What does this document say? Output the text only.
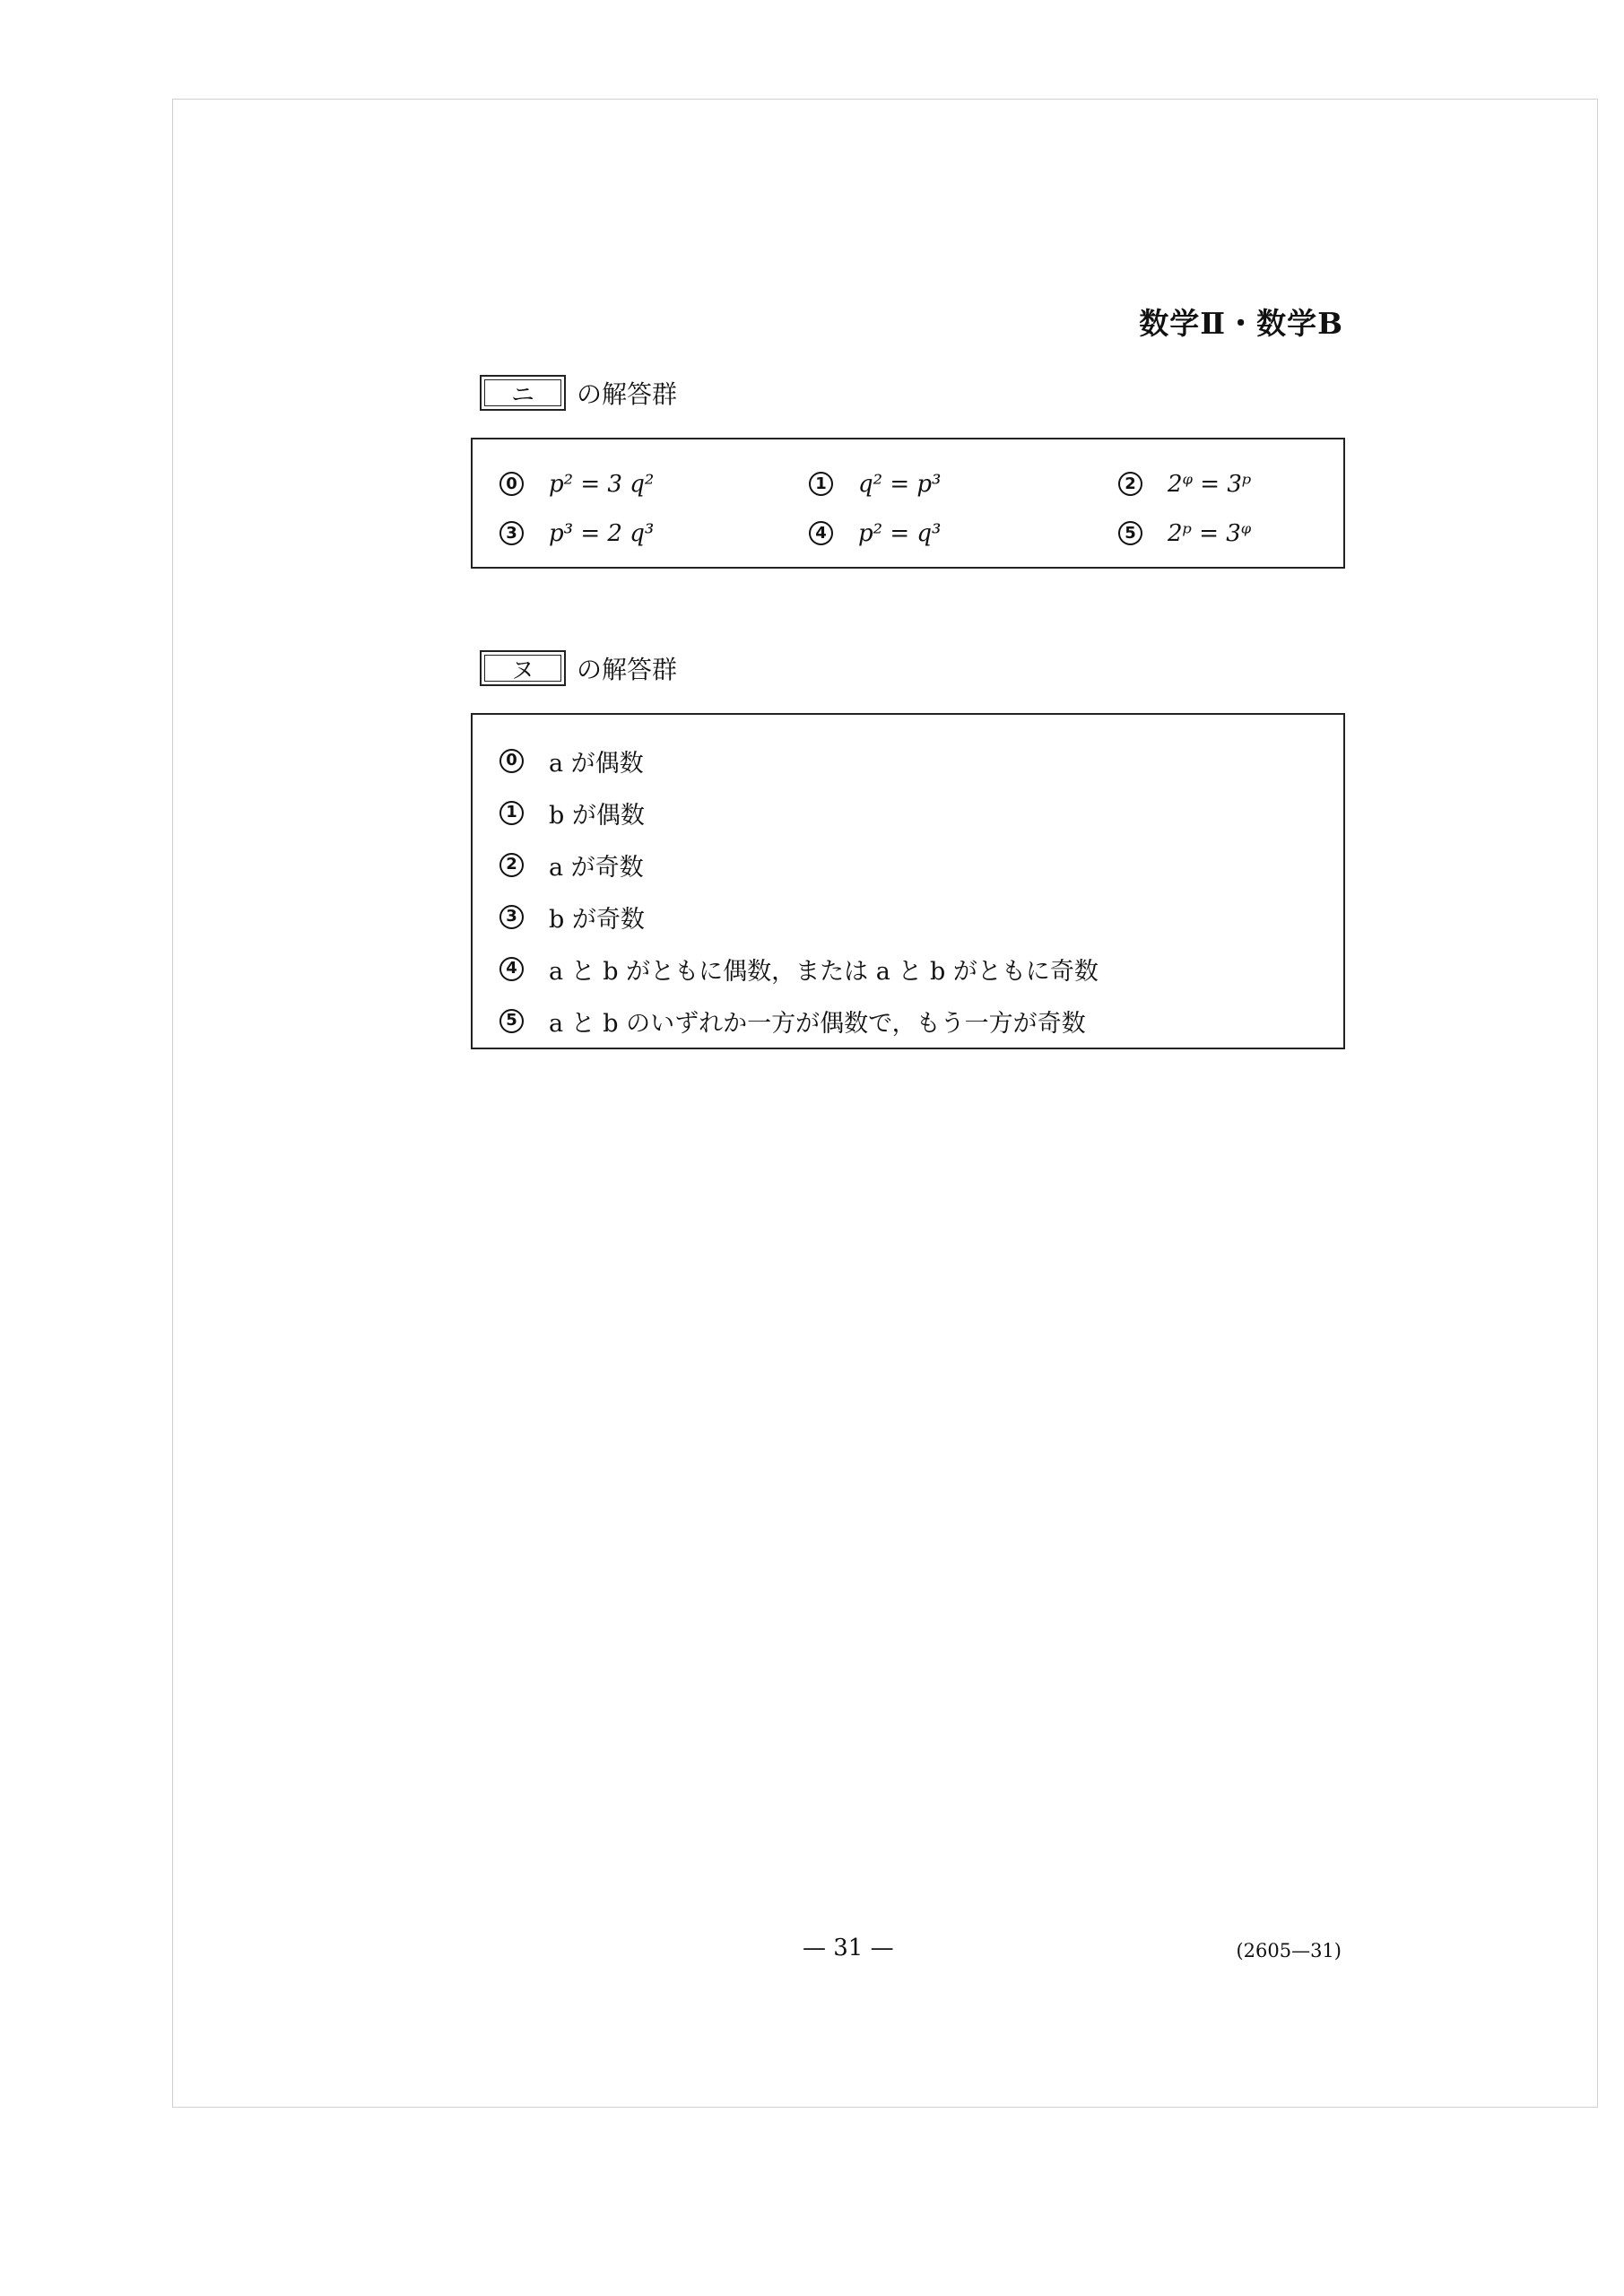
数学Ⅱ・数学B
ニ の解答群
0 p² = 3 q²	1 q² = p³	2 2ᵠ = 3ᵖ
3 p³ = 2 q³	4 p² = q³	5 2ᵖ = 3ᵠ
ヌ の解答群
0 a が偶数
1 b が偶数
2 a が奇数
3 b が奇数
4 a と b がともに偶数，または a と b がともに奇数
5 a と b のいずれか一方が偶数で，もう一方が奇数
— 31 —	(2605—31)
